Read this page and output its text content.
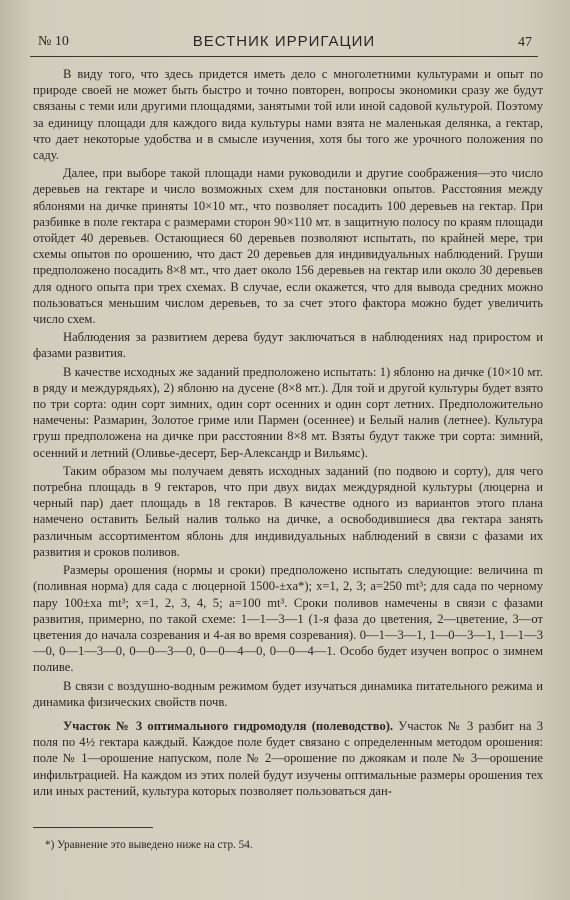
№ 10	ВЕСТНИК ИРРИГАЦИИ	47

В виду того, что здесь придется иметь дело с многолетними культурами и опыт по природе своей не может быть быстро и точно повторен, вопросы экономики сразу же будут связаны с теми или другими площадями, занятыми той или иной садовой культурой. Поэтому за единицу площади для каждого вида культуры нами взята не маленькая делянка, а гектар, что дает некоторые удобства и в смысле изучения, хотя бы того же урочного положения по саду.

Далее, при выборе такой площади нами руководили и другие соображения—это число деревьев на гектаре и число возможных схем для постановки опытов. Расстояния между яблонями на дичке приняты 10×10 мт., что позволяет посадить 100 деревьев на гектар. При разбивке в поле гектара с размерами сторон 90×110 мт. в защитную полосу по краям площади отойдет 40 деревьев. Остающиеся 60 деревьев позволяют испытать, по крайней мере, три схемы опытов по орошению, что даст 20 деревьев для индивидуальных наблюдений. Груши предположено посадить 8×8 мт., что дает около 156 деревьев на гектар или около 30 деревьев для одного опыта при трех схемах. В случае, если окажется, что для вывода средних можно пользоваться меньшим числом деревьев, то за счет этого фактора можно будет увеличить число схем.

Наблюдения за развитием дерева будут заключаться в наблюдениях над приростом и фазами развития.

В качестве исходных же заданий предположено испытать: 1) яблоню на дичке (10×10 мт. в ряду и междурядьях), 2) яблоню на дусене (8×8 мт.). Для той и другой культуры будет взято по три сорта: один сорт зимних, один сорт осенних и один сорт летних. Предположительно намечены: Размарин, Золотое гриме или Пармен (осеннее) и Белый налив (летнее). Культура груш предположена на дичке при расстоянии 8×8 мт. Взяты будут также три сорта: зимний, осенний и летний (Оливье-десерт, Бер-Александр и Вильямс).

Таким образом мы получаем девять исходных заданий (по подвою и сорту), для чего потребна площадь в 9 гектаров, что при двух видах междурядной культуры (люцерна и черный пар) дает площадь в 18 гектаров. В качестве одного из вариантов этого плана намечено оставить Белый налив только на дичке, а освободившиеся два гектара занять различным ассортиментом яблонь для индивидуальных наблюдений в связи с фазами их развития и сроков поливов.

Размеры орошения (нормы и сроки) предположено испытать следующие: величина m (поливная норма) для сада с люцерной 1500-±xa*); x=1, 2, 3; a=250 mt³; для сада по черному пару 100±xa mt³; x=1, 2, 3, 4, 5; a=100 mt³. Сроки поливов намечены в связи с фазами развития, примерно, по такой схеме: 1—1—3—1 (1-я фаза до цветения, 2—цветение, 3—от цветения до начала созревания и 4-ая во время созревания). 0—1—3—1, 1—0—3—1, 1—1—3—0, 0—1—3—0, 0—0—3—0, 0—0—4—0, 0—0—4—1. Особо будет изучен вопрос о зимнем поливе.

В связи с воздушно-водным режимом будет изучаться динамика питательного режима и динамика физических свойств почв.

Участок № 3 оптимального гидромодуля (полеводство). Участок № 3 разбит на 3 поля по 4½ гектара каждый. Каждое поле будет связано с определенным методом орошения: поле № 1—орошение напуском, поле № 2—орошение по джоякам и поле № 3—орошение инфильтрацией. На каждом из этих полей будут изучены оптимальные размеры орошения тех или иных растений, культура которых позволяет пользоваться дан-

*) Уравнение это выведено ниже на стр. 54.
